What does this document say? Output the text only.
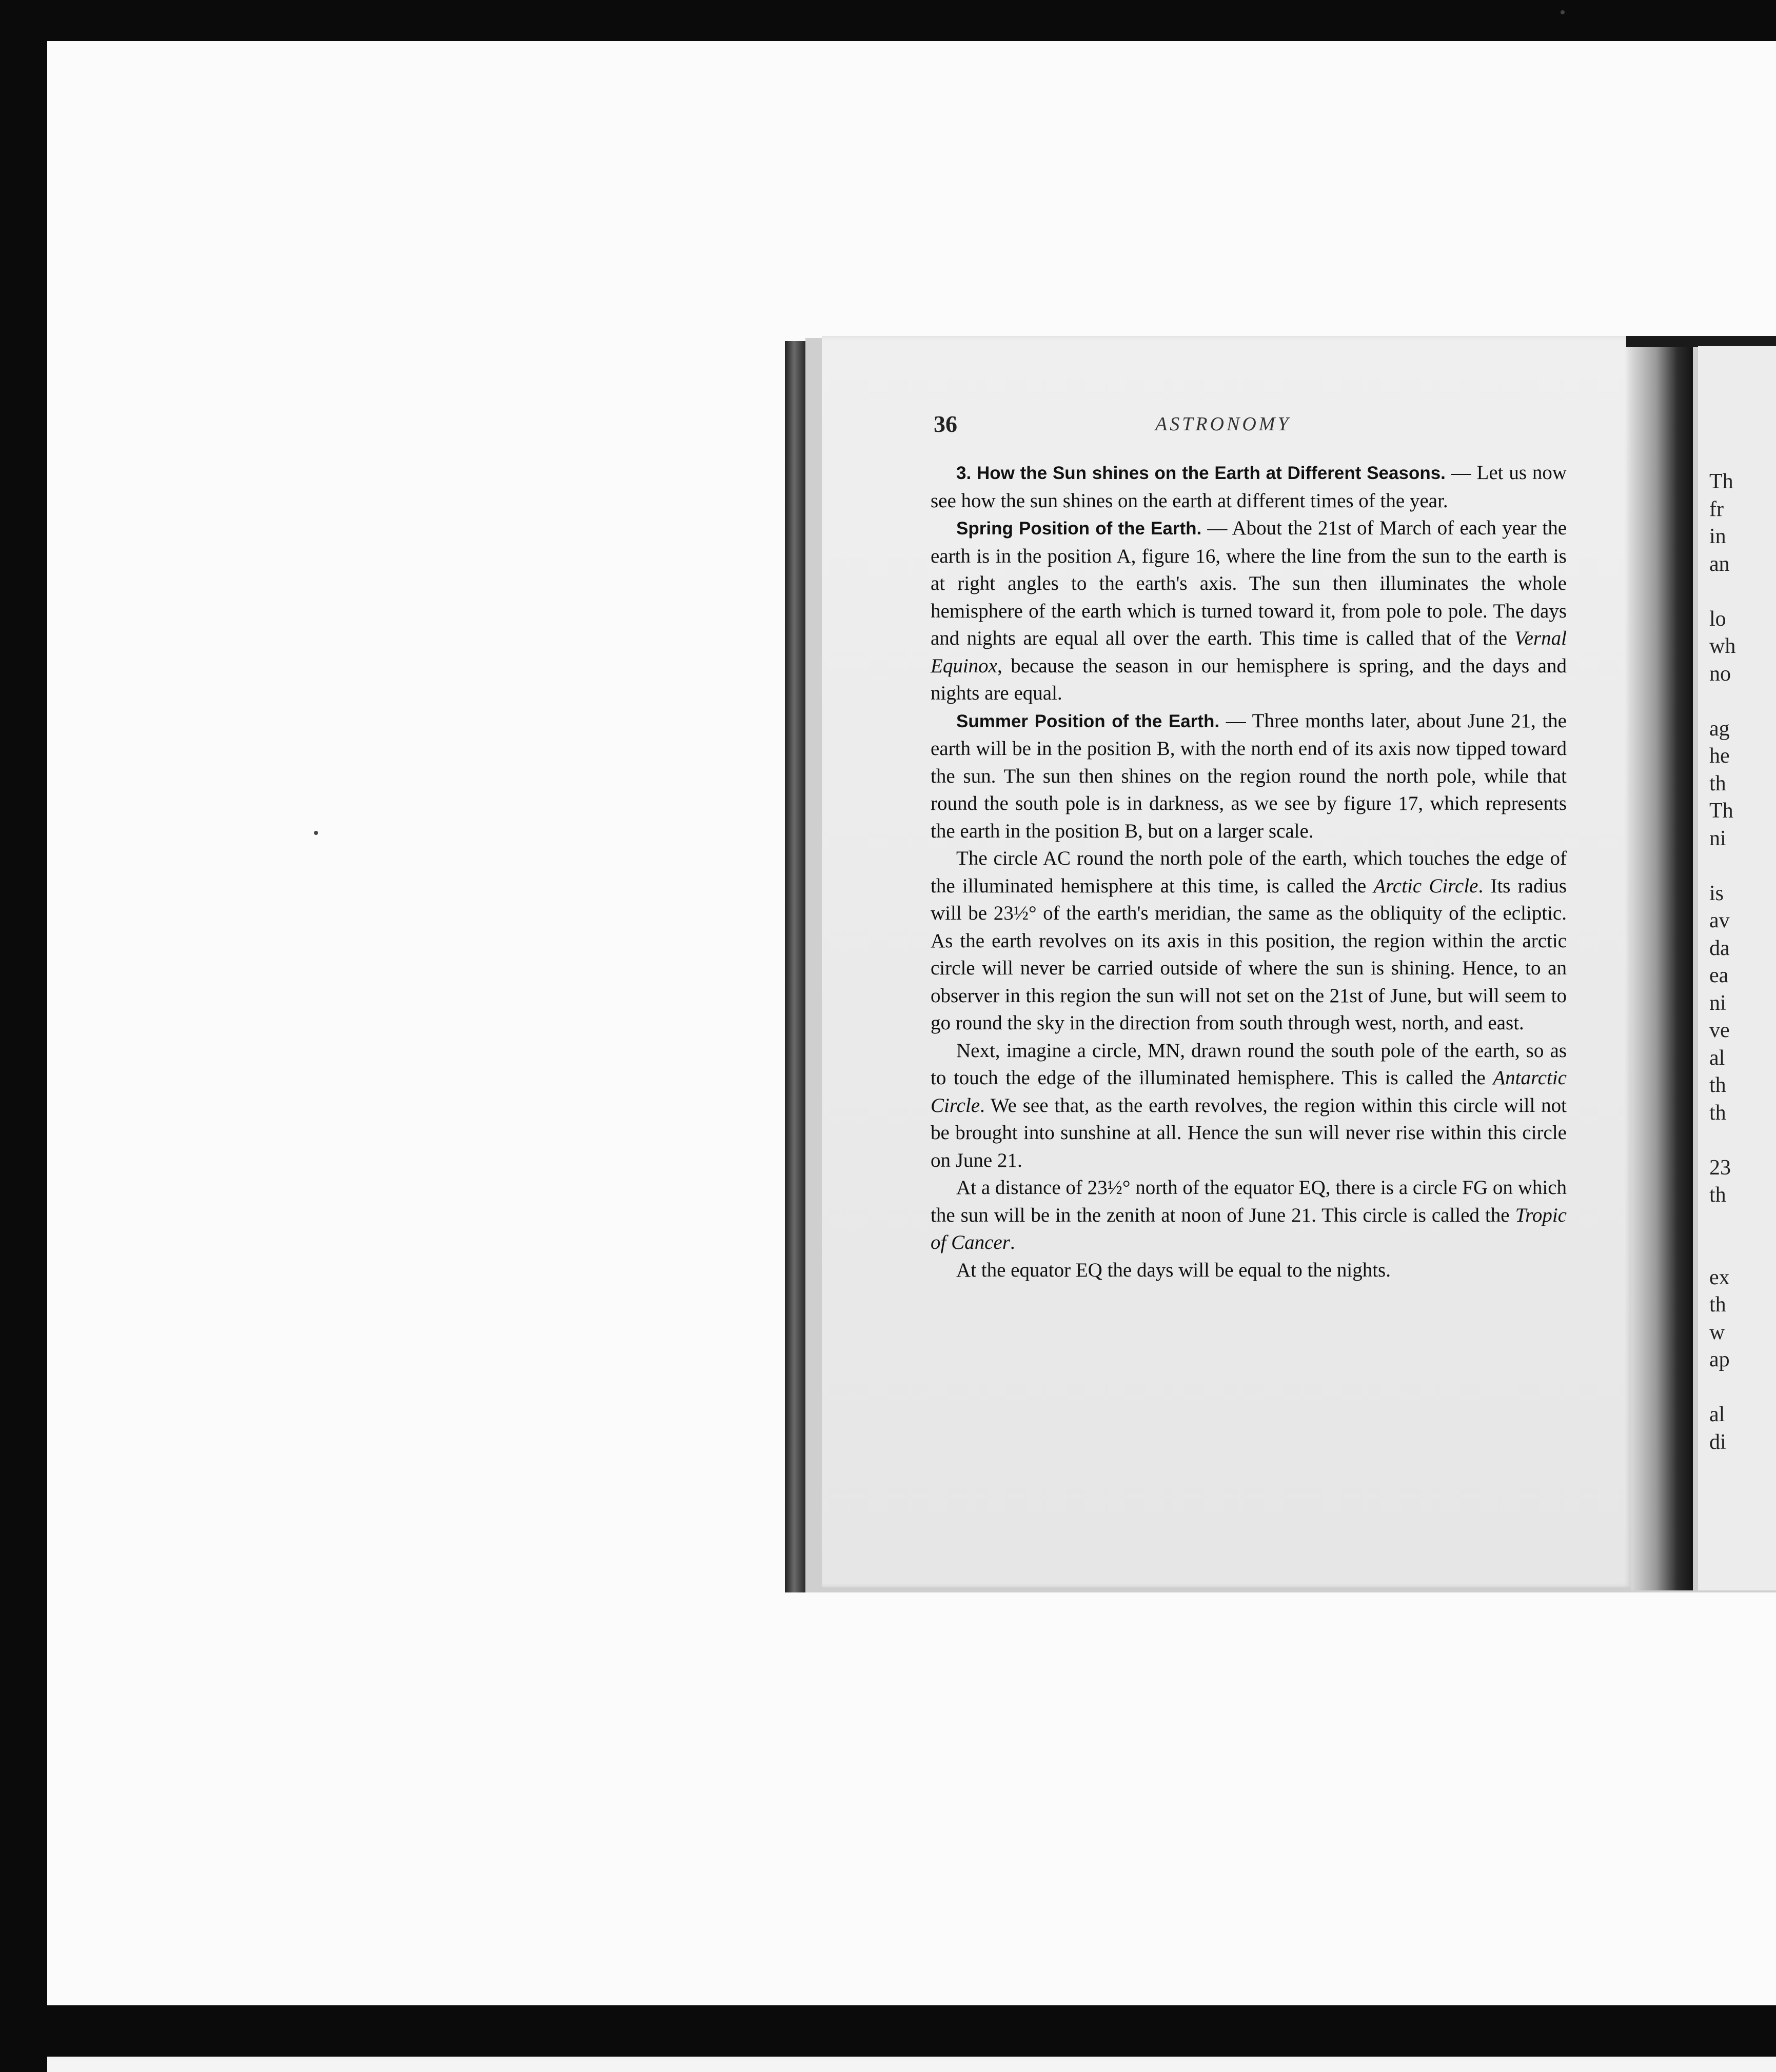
36	ASTRONOMY

3. How the Sun shines on the Earth at Different Seasons. — Let us now see how the sun shines on the earth at different times of the year.

Spring Position of the Earth. — About the 21st of March of each year the earth is in the position A, figure 16, where the line from the sun to the earth is at right angles to the earth's axis. The sun then illuminates the whole hemisphere of the earth which is turned toward it, from pole to pole. The days and nights are equal all over the earth. This time is called that of the Vernal Equinox, because the season in our hemisphere is spring, and the days and nights are equal.

Summer Position of the Earth. — Three months later, about June 21, the earth will be in the position B, with the north end of its axis now tipped toward the sun. The sun then shines on the region round the north pole, while that round the south pole is in darkness, as we see by figure 17, which represents the earth in the position B, but on a larger scale.

The circle AC round the north pole of the earth, which touches the edge of the illuminated hemisphere at this time, is called the Arctic Circle. Its radius will be 23½° of the earth's meridian, the same as the obliquity of the ecliptic. As the earth revolves on its axis in this position, the region within the arctic circle will never be carried outside of where the sun is shining. Hence, to an observer in this region the sun will not set on the 21st of June, but will seem to go round the sky in the direction from south through west, north, and east.

Next, imagine a circle, MN, drawn round the south pole of the earth, so as to touch the edge of the illuminated hemisphere. This is called the Antarctic Circle. We see that, as the earth revolves, the region within this circle will not be brought into sunshine at all. Hence the sun will never rise within this circle on June 21.

At a distance of 23½° north of the equator EQ, there is a circle FG on which the sun will be in the zenith at noon of June 21. This circle is called the Tropic of Cancer.

At the equator EQ the days will be equal to the nights.

Th
fr
in
an
lo
wh
no
ag
he
th
Th
ni
is
av
da
ea
ni
ve
al
th
th
23
th
ex
th
w
ap
al
di
